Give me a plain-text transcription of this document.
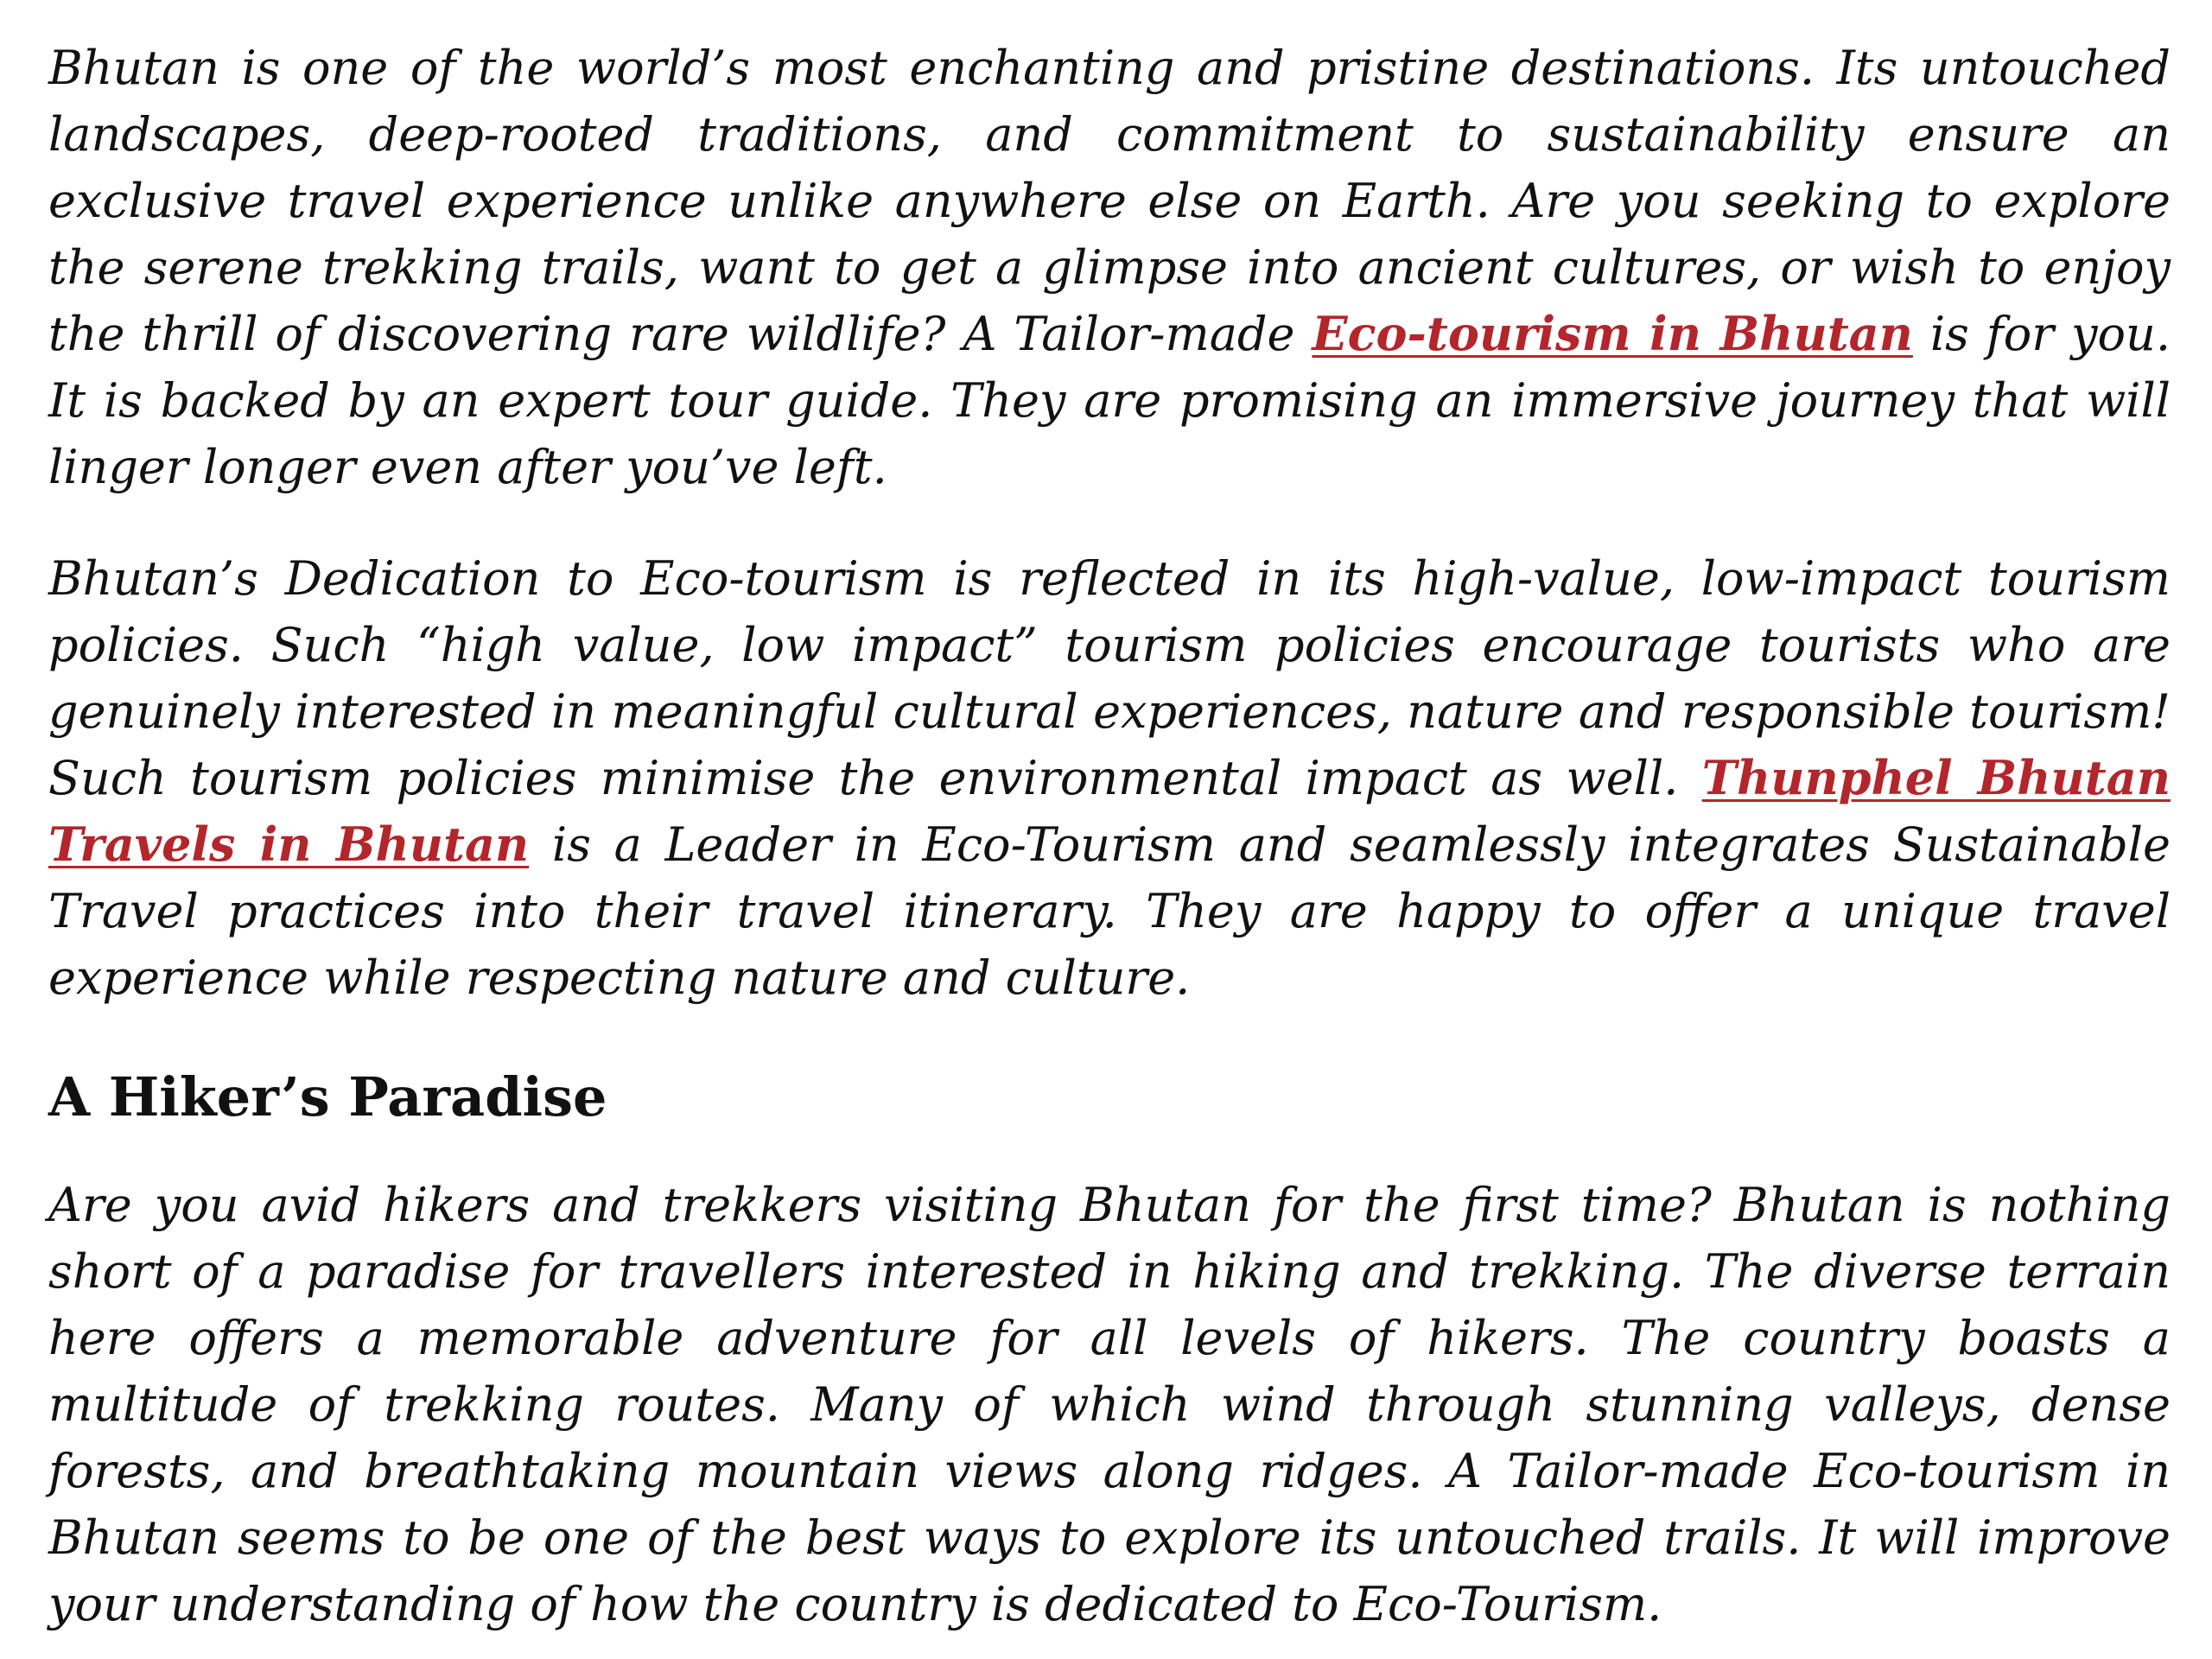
Bhutan is one of the world’s most enchanting and pristine destinations. Its untouched landscapes, deep-rooted traditions, and commitment to sustainability ensure an exclusive travel experience unlike anywhere else on Earth. Are you seeking to explore the serene trekking trails, want to get a glimpse into ancient cultures, or wish to enjoy the thrill of discovering rare wildlife? A Tailor-made Eco-tourism in Bhutan is for you. It is backed by an expert tour guide. They are promising an immersive journey that will linger longer even after you’ve left.

Bhutan’s Dedication to Eco-tourism is reflected in its high-value, low-impact tourism policies. Such “high value, low impact” tourism policies encourage tourists who are genuinely interested in meaningful cultural experiences, nature and responsible tourism! Such tourism policies minimise the environmental impact as well. Thunphel Bhutan Travels in Bhutan is a Leader in Eco-Tourism and seamlessly integrates Sustainable Travel practices into their travel itinerary. They are happy to offer a unique travel experience while respecting nature and culture.

A Hiker’s Paradise

Are you avid hikers and trekkers visiting Bhutan for the first time? Bhutan is nothing short of a paradise for travellers interested in hiking and trekking. The diverse terrain here offers a memorable adventure for all levels of hikers. The country boasts a multitude of trekking routes. Many of which wind through stunning valleys, dense forests, and breathtaking mountain views along ridges. A Tailor-made Eco-tourism in Bhutan seems to be one of the best ways to explore its untouched trails. It will improve your understanding of how the country is dedicated to Eco-Tourism.
